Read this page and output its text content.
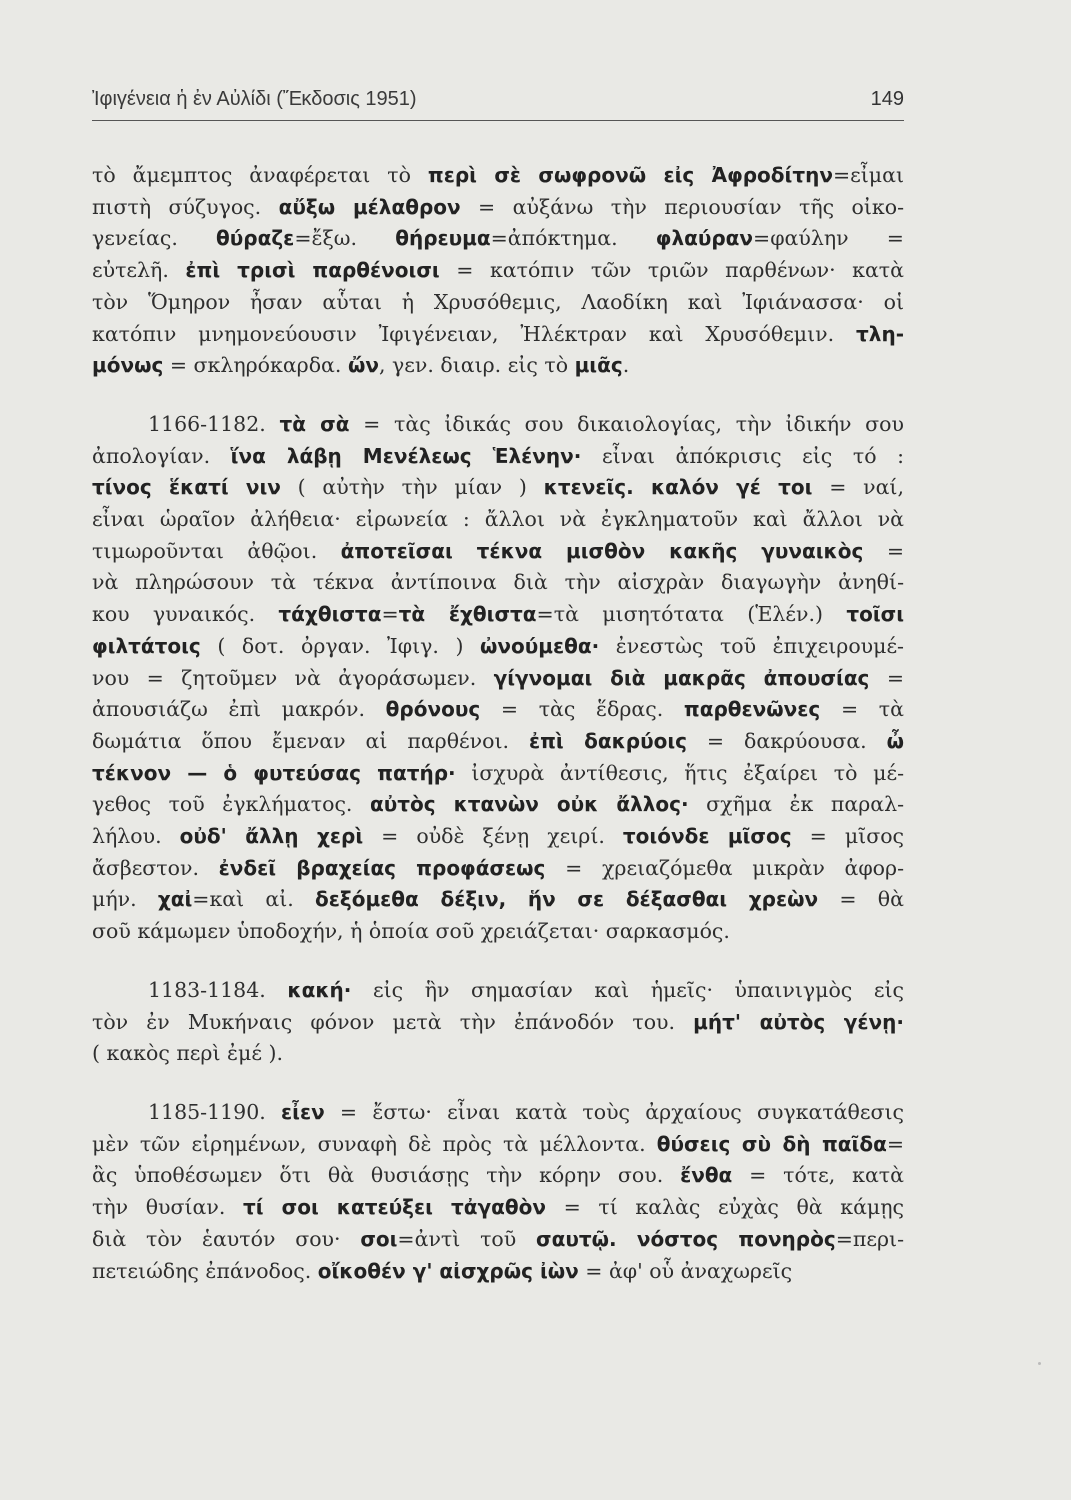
Ἰφιγένεια ἡ ἐν Αὐλίδι (Ἔκδοσις 1951)	149

τὸ ἄμεμπτος ἀναφέρεται τὸ περὶ σὲ σωφρονῶ εἰς Ἀφροδίτην=εἶμαι
πιστὴ σύζυγος. αὔξω μέλαθρον = αὐξάνω τὴν περιουσίαν τῆς οἰκο-
γενείας. θύραζε=ἔξω. θήρευμα=ἀπόκτημα. φλαύραν=φαύλην =
εὐτελῆ. ἐπὶ τρισὶ παρθένοισι = κατόπιν τῶν τριῶν παρθένων· κατὰ
τὸν Ὅμηρον ἦσαν αὗται ἡ Χρυσόθεμις, Λαοδίκη καὶ Ἰφιάνασσα· οἱ
κατόπιν μνημονεύουσιν Ἰφιγένειαν, Ἠλέκτραν καὶ Χρυσόθεμιν. τλη-
μόνως = σκληρόκαρδα. ὤν, γεν. διαιρ. εἰς τὸ μιᾶς.

1166-1182. τὰ σὰ = τὰς ἰδικάς σου δικαιολογίας, τὴν ἰδικήν σου
ἀπολογίαν. ἵνα λάβῃ Μενέλεως Ἑλένην· εἶναι ἀπόκρισις εἰς τό :
τίνος ἕκατί νιν ( αὐτὴν τὴν μίαν ) κτενεῖς. καλόν γέ τοι = ναί,
εἶναι ὡραῖον ἀλήθεια· εἰρωνεία : ἄλλοι νὰ ἐγκληματοῦν καὶ ἄλλοι νὰ
τιμωροῦνται ἀθῷοι. ἀποτεῖσαι τέκνα μισθὸν κακῆς γυναικὸς =
νὰ πληρώσουν τὰ τέκνα ἀντίποινα διὰ τὴν αἰσχρὰν διαγωγὴν ἀνηθί-
κου γυναικός. τάχθιστα=τὰ ἔχθιστα=τὰ μισητότατα (Ἑλέν.) τοῖσι
φιλτάτοις ( δοτ. ὀργαν. Ἰφιγ. ) ὠνούμεθα· ἐνεστὼς τοῦ ἐπιχειρουμέ-
νου = ζητοῦμεν νὰ ἀγοράσωμεν. γίγνομαι διὰ μακρᾶς ἀπουσίας =
ἀπουσιάζω ἐπὶ μακρόν. θρόνους = τὰς ἕδρας. παρθενῶνες = τὰ
δωμάτια ὅπου ἔμεναν αἱ παρθένοι. ἐπὶ δακρύοις = δακρύουσα. ὦ
τέκνον — ὁ φυτεύσας πατήρ· ἰσχυρὰ ἀντίθεσις, ἥτις ἐξαίρει τὸ μέ-
γεθος τοῦ ἐγκλήματος. αὐτὸς κτανὼν οὐκ ἄλλος· σχῆμα ἐκ παραλ-
λήλου. οὐδ' ἄλλῃ χερὶ = οὐδὲ ξένῃ χειρί. τοιόνδε μῖσος = μῖσος
ἄσβεστον. ἐνδεῖ βραχείας προφάσεως = χρειαζόμεθα μικρὰν ἀφορ-
μήν. χαἰ=καὶ αἰ. δεξόμεθα δέξιν, ἥν σε δέξασθαι χρεὼν = θὰ
σοῦ κάμωμεν ὑποδοχήν, ἡ ὁποία σοῦ χρειάζεται· σαρκασμός.

1183-1184. κακή· εἰς ἣν σημασίαν καὶ ἡμεῖς· ὑπαινιγμὸς εἰς
τὸν ἐν Μυκήναις φόνον μετὰ τὴν ἐπάνοδόν του. μήτ' αὐτὸς γένῃ·
( κακὸς περὶ ἐμέ ).

1185-1190. εἶεν = ἔστω· εἶναι κατὰ τοὺς ἀρχαίους συγκατάθεσις
μὲν τῶν εἰρημένων, συναφὴ δὲ πρὸς τὰ μέλλοντα. θύσεις σὺ δὴ παῖδα=
ἂς ὑποθέσωμεν ὅτι θὰ θυσιάσῃς τὴν κόρην σου. ἔνθα = τότε, κατὰ
τὴν θυσίαν. τί σοι κατεύξει τἀγαθὸν = τί καλὰς εὐχὰς θὰ κάμῃς
διὰ τὸν ἑαυτόν σου· σοι=ἀντὶ τοῦ σαυτῷ. νόστος πονηρὸς=περι-
πετειώδης ἐπάνοδος. οἴκοθέν γ' αἰσχρῶς ἰὼν = ἀφ' οὗ ἀναχωρεῖς
